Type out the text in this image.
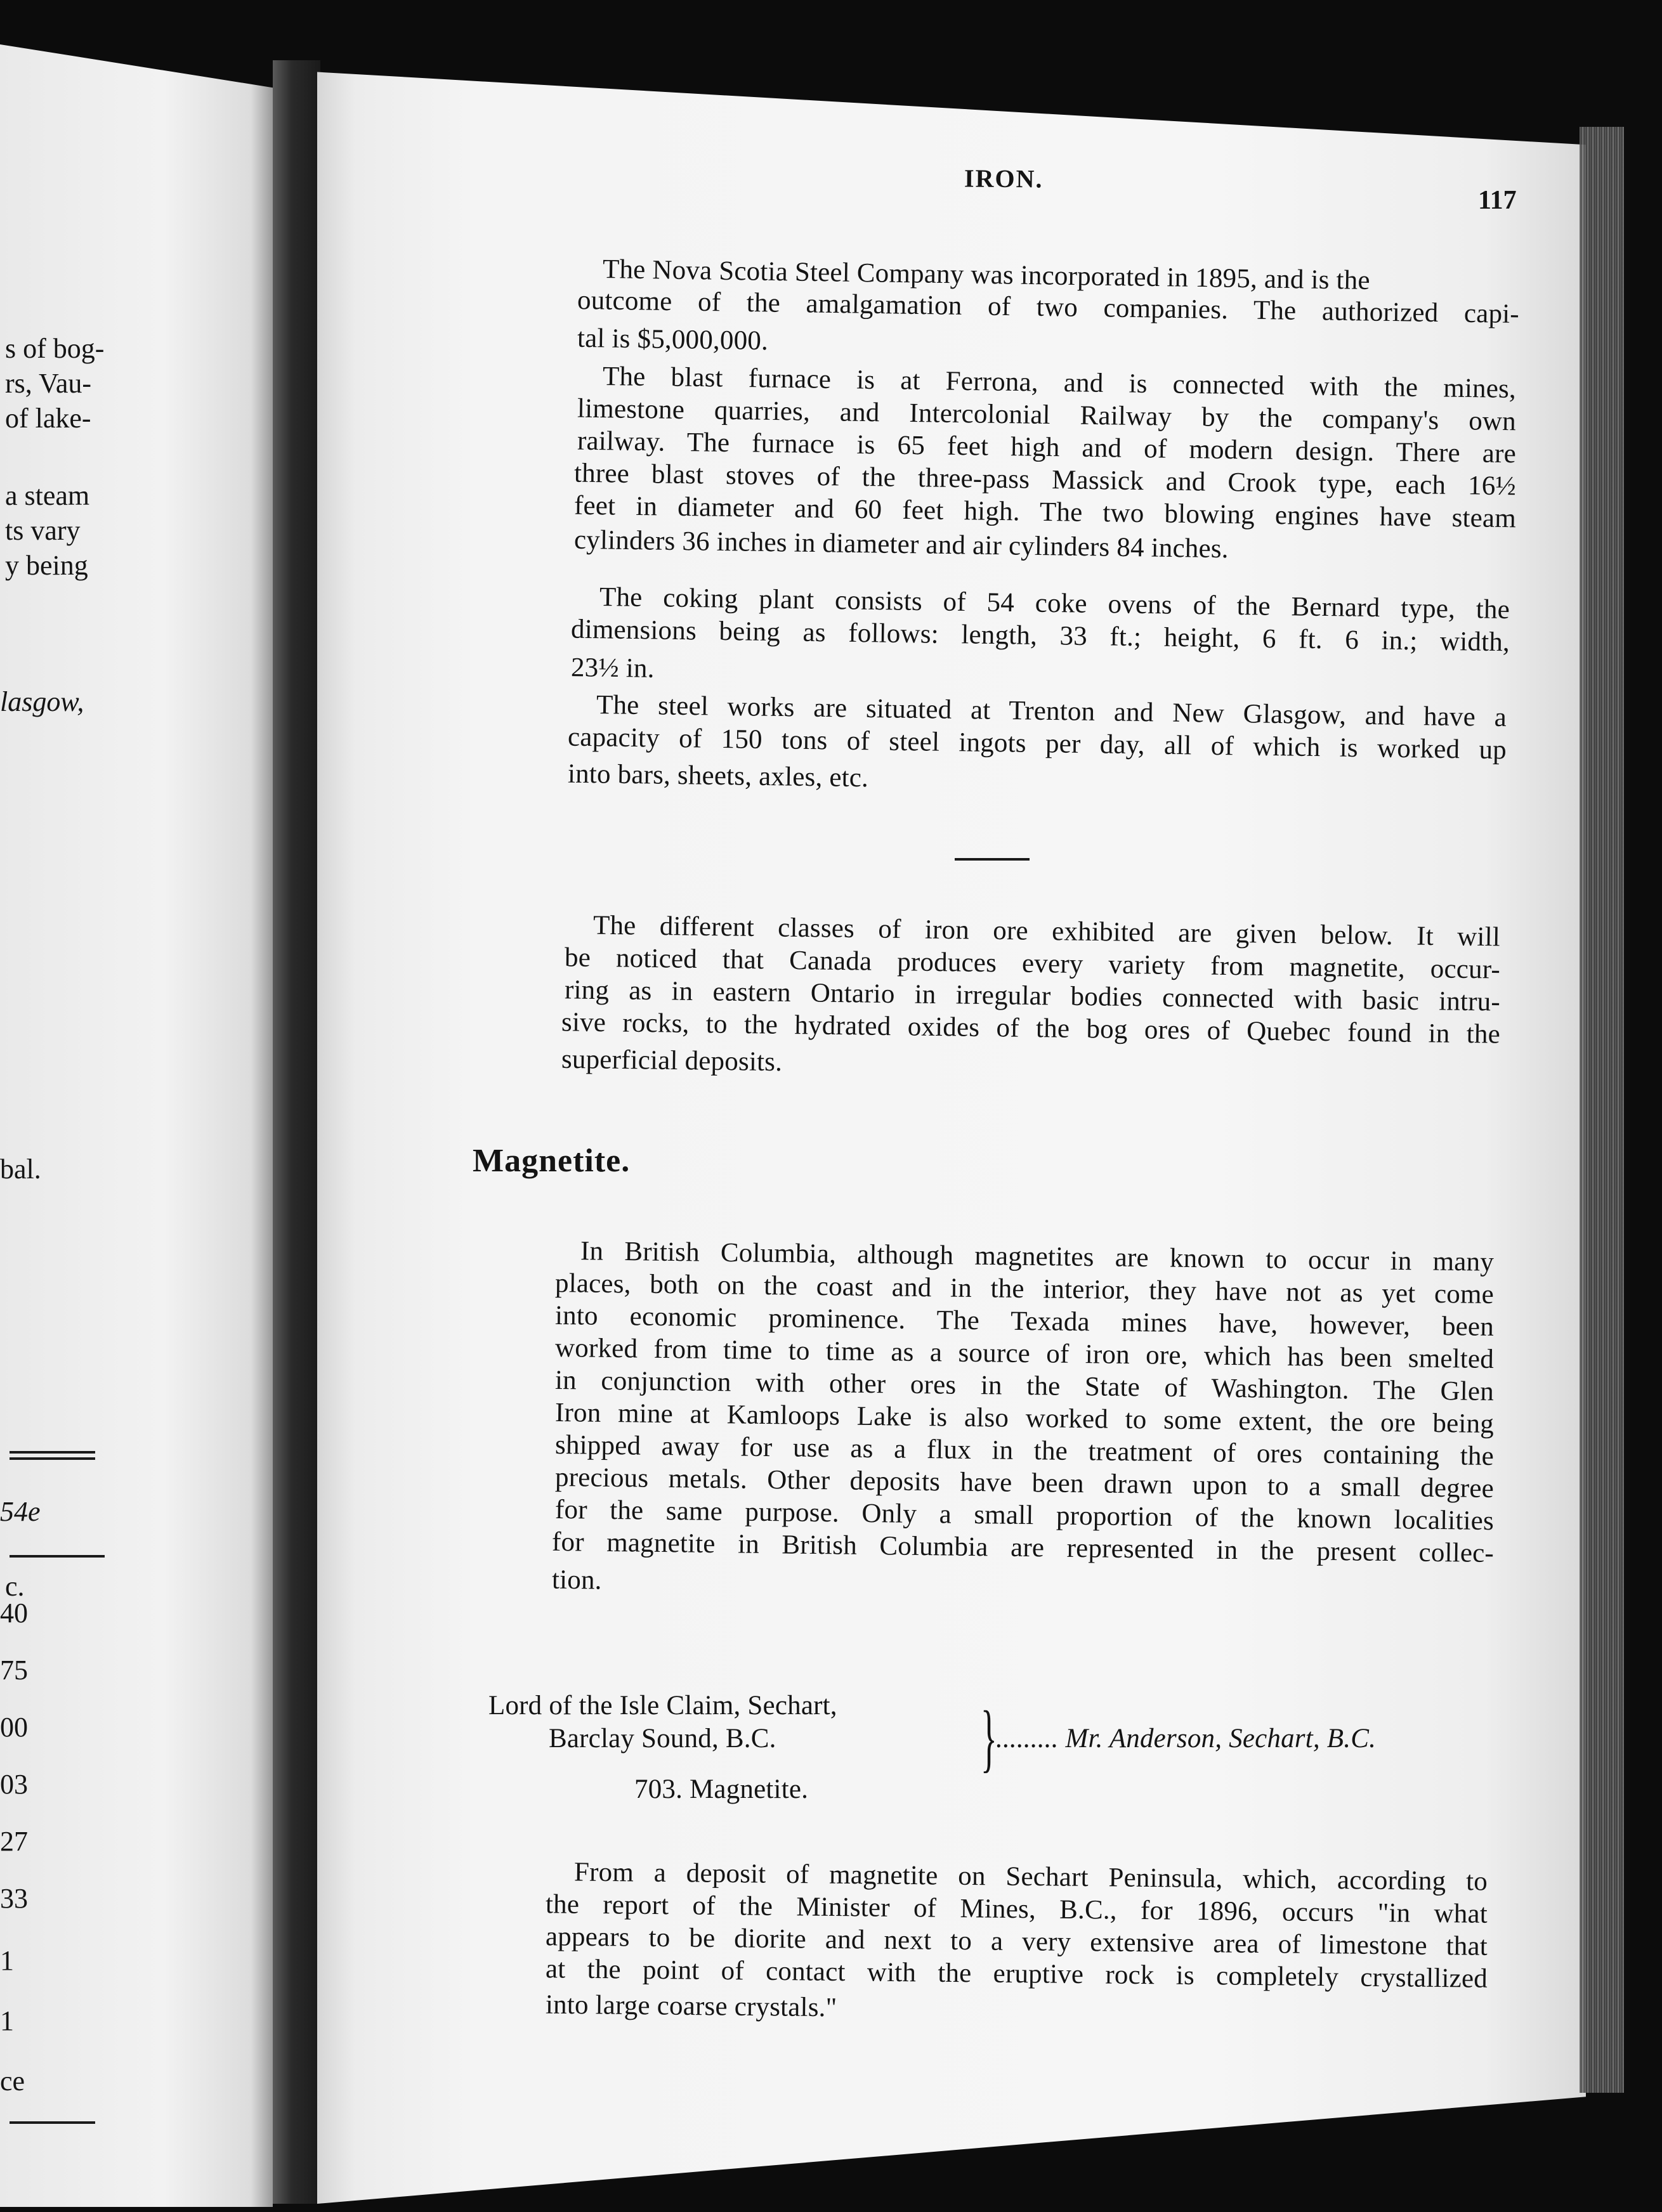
s of bog-

rs, Vau-

of lake-

a steam

ts vary

y being

lasgow,

bal.

54e

c.

40

75

00

03

27

33

1

1

ce

IRON.

117

The Nova Scotia Steel Company was incorporated in 1895, and is the

outcome of the amalgamation of two companies. The authorized capi-

tal is $5,000,000.

The blast furnace is at Ferrona, and is connected with the mines,

limestone quarries, and Intercolonial Railway by the company's own

railway. The furnace is 65 feet high and of modern design. There are

three blast stoves of the three-pass Massick and Crook type, each 16½

feet in diameter and 60 feet high. The two blowing engines have steam

cylinders 36 inches in diameter and air cylinders 84 inches.

The coking plant consists of 54 coke ovens of the Bernard type, the

dimensions being as follows: length, 33 ft.; height, 6 ft. 6 in.; width,

23½ in.

The steel works are situated at Trenton and New Glasgow, and have a

capacity of 150 tons of steel ingots per day, all of which is worked up

into bars, sheets, axles, etc.

The different classes of iron ore exhibited are given below. It will

be noticed that Canada produces every variety from magnetite, occur-

ring as in eastern Ontario in irregular bodies connected with basic intru-

sive rocks, to the hydrated oxides of the bog ores of Quebec found in the

superficial deposits.

Magnetite.

In British Columbia, although magnetites are known to occur in many

places, both on the coast and in the interior, they have not as yet come

into economic prominence. The Texada mines have, however, been

worked from time to time as a source of iron ore, which has been smelted

in conjunction with other ores in the State of Washington. The Glen

Iron mine at Kamloops Lake is also worked to some extent, the ore being

shipped away for use as a flux in the treatment of ores containing the

precious metals. Other deposits have been drawn upon to a small degree

for the same purpose. Only a small proportion of the known localities

for magnetite in British Columbia are represented in the present collec-

tion.

Lord of the Isle Claim, Sechart,

Barclay Sound, B.C.	}

......... Mr. Anderson, Sechart, B.C.

703. Magnetite.

From a deposit of magnetite on Sechart Peninsula, which, according to

the report of the Minister of Mines, B.C., for 1896, occurs "in what

appears to be diorite and next to a very extensive area of limestone that

at the point of contact with the eruptive rock is completely crystallized

into large coarse crystals."
